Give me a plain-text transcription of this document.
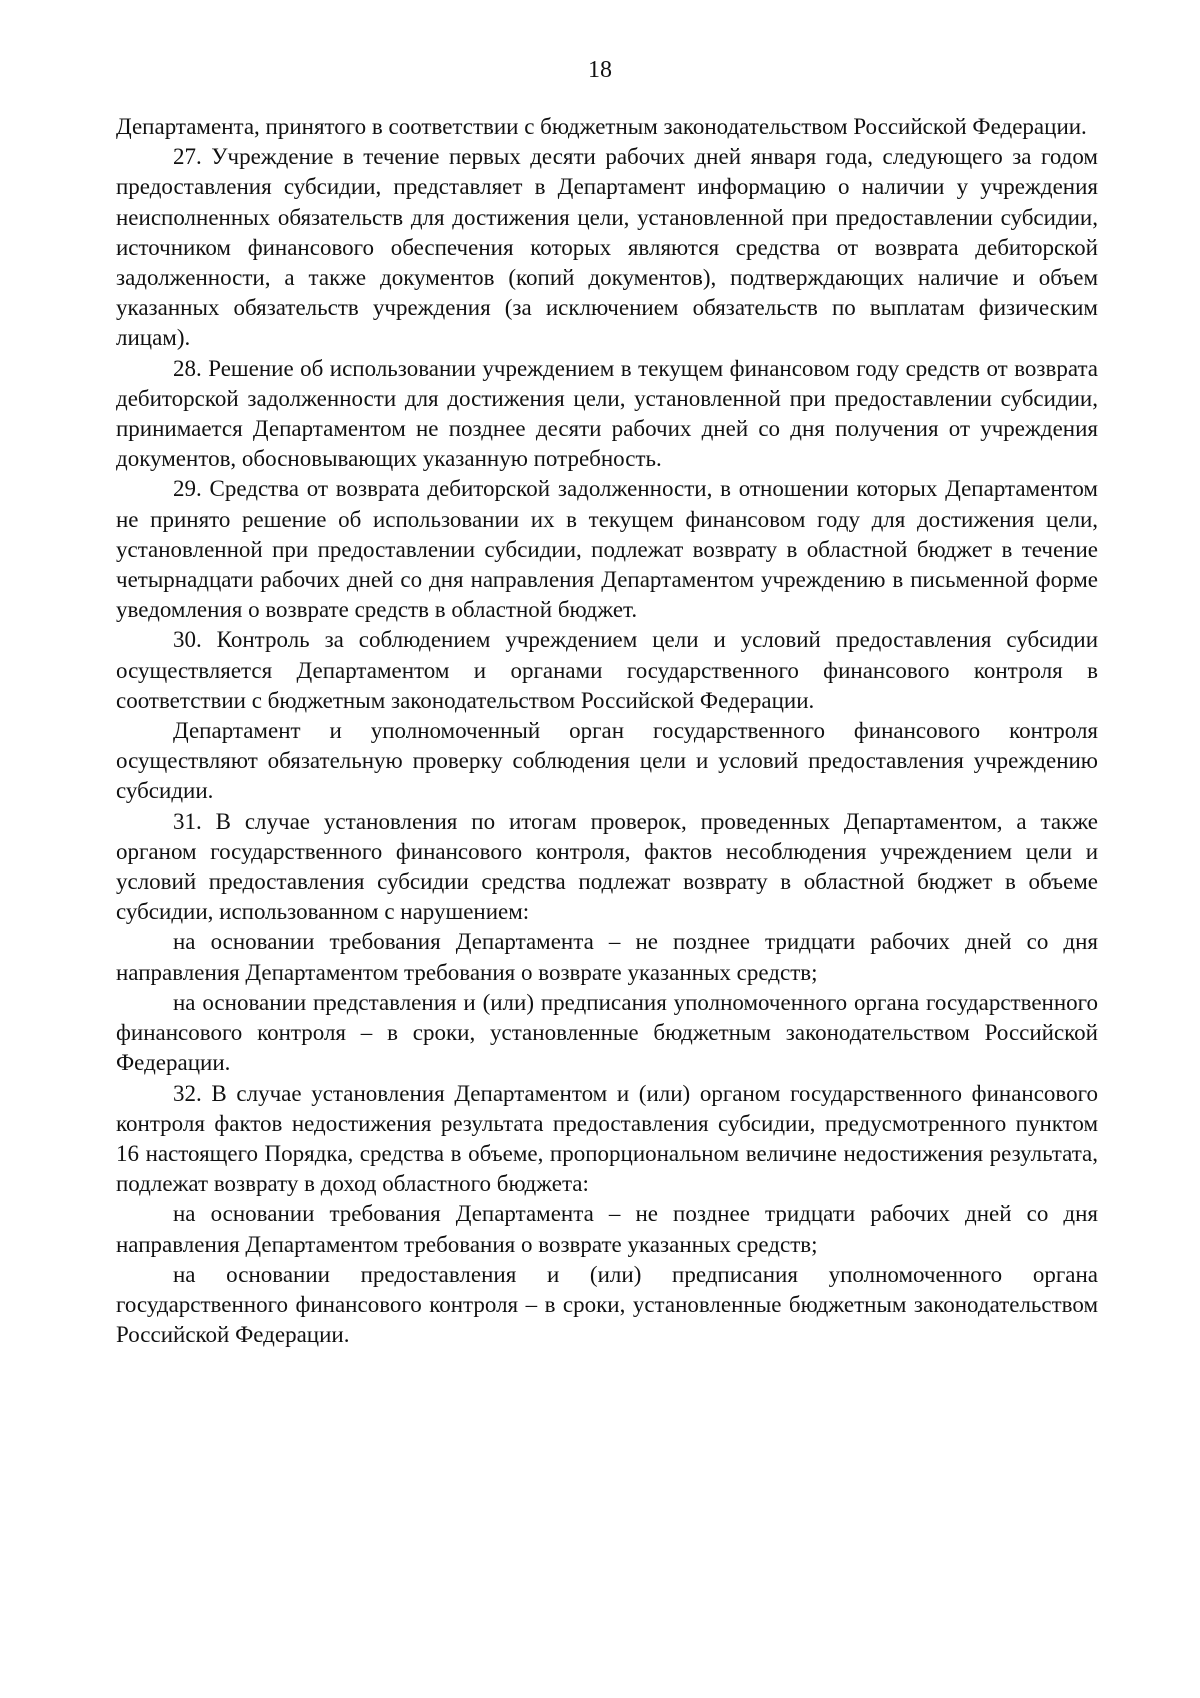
18

Департамента, принятого в соответствии с бюджетным законодательством Российской Федерации.

27. Учреждение в течение первых десяти рабочих дней января года, следующего за годом предоставления субсидии, представляет в Департамент информацию о наличии у учреждения неисполненных обязательств для достижения цели, установленной при предоставлении субсидии, источником финансового обеспечения которых являются средства от возврата дебиторской задолженности, а также документов (копий документов), подтверждающих наличие и объем указанных обязательств учреждения (за исключением обязательств по выплатам физическим лицам).

28. Решение об использовании учреждением в текущем финансовом году средств от возврата дебиторской задолженности для достижения цели, установленной при предоставлении субсидии, принимается Департаментом не позднее десяти рабочих дней со дня получения от учреждения документов, обосновывающих указанную потребность.

29. Средства от возврата дебиторской задолженности, в отношении которых Департаментом не принято решение об использовании их в текущем финансовом году для достижения цели, установленной при предоставлении субсидии, подлежат возврату в областной бюджет в течение четырнадцати рабочих дней со дня направления Департаментом учреждению в письменной форме уведомления о возврате средств в областной бюджет.

30. Контроль за соблюдением учреждением цели и условий предоставления субсидии осуществляется Департаментом и органами государственного финансового контроля в соответствии с бюджетным законодательством Российской Федерации.

Департамент и уполномоченный орган государственного финансового контроля осуществляют обязательную проверку соблюдения цели и условий предоставления учреждению субсидии.

31. В случае установления по итогам проверок, проведенных Департаментом, а также органом государственного финансового контроля, фактов несоблюдения учреждением цели и условий предоставления субсидии средства подлежат возврату в областной бюджет в объеме субсидии, использованном с нарушением:

на основании требования Департамента – не позднее тридцати рабочих дней со дня направления Департаментом требования о возврате указанных средств;

на основании представления и (или) предписания уполномоченного органа государственного финансового контроля – в сроки, установленные бюджетным законодательством Российской Федерации.

32. В случае установления Департаментом и (или) органом государственного финансового контроля фактов недостижения результата предоставления субсидии, предусмотренного пунктом 16 настоящего Порядка, средства в объеме, пропорциональном величине недостижения результата, подлежат возврату в доход областного бюджета:

на основании требования Департамента – не позднее тридцати рабочих дней со дня направления Департаментом требования о возврате указанных средств;

на основании предоставления и (или) предписания уполномоченного органа государственного финансового контроля – в сроки, установленные бюджетным законодательством Российской Федерации.
